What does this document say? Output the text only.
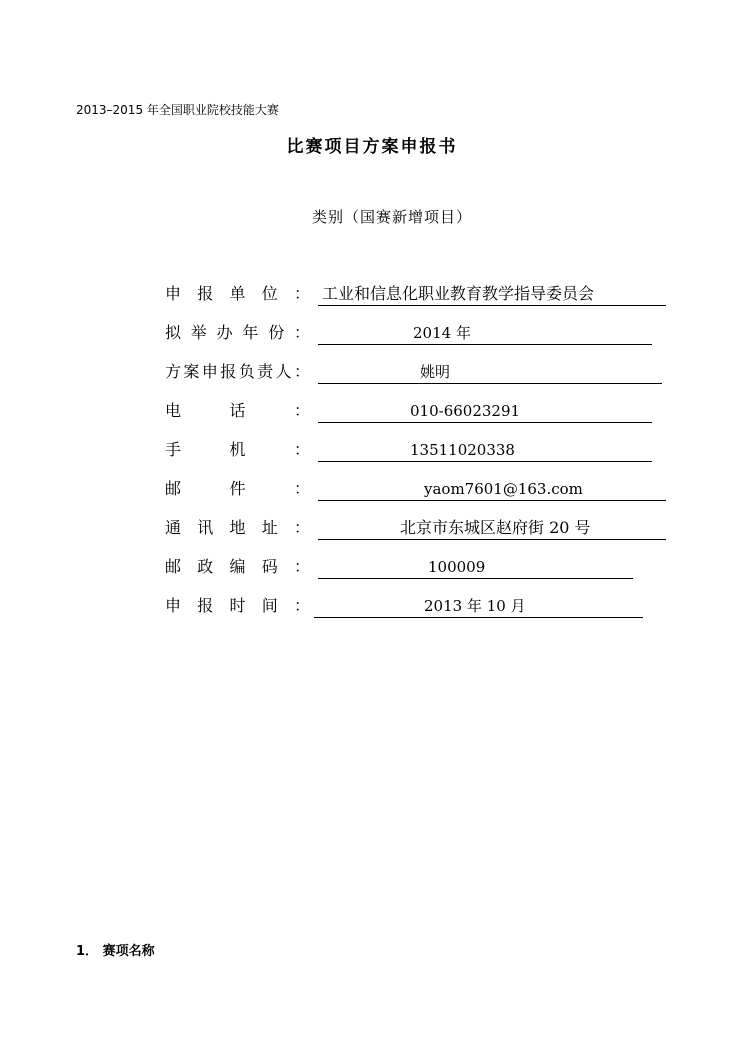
2013–2015 年全国职业院校技能大赛
比赛项目方案申报书
类别（国赛新增项目）
申 报 单 位 ： 工业和信息化职业教育教学指导委员会
拟 举 办 年 份 ：	2014 年
方 案 申 报 负 责 人 ：	姚明
电	话	：	010-66023291
手	机	：	13511020338
邮	件	：	yaom7601@163.com
通 讯 地 址 ：	北京市东城区赵府街 20 号
邮 政 编 码 ：	100009
申 报 时 间 ：	2013 年 10 月
1． 赛项名称
